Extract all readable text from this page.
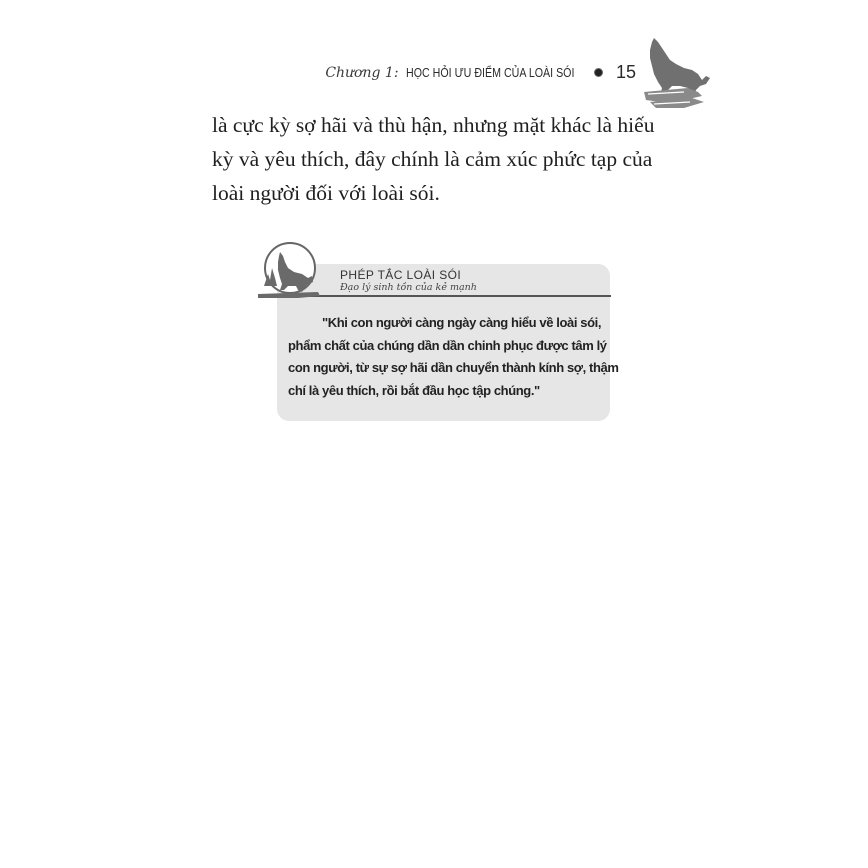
Chương 1: HỌC HỎI ƯU ĐIỂM CỦA LOÀI SÓI 15

là cực kỳ sợ hãi và thù hận, nhưng mặt khác là hiếu

kỳ và yêu thích, đây chính là cảm xúc phức tạp của

loài người đối với loài sói.

PHÉP TẮC LOÀI SÓI
Đạo lý sinh tồn của kẻ mạnh
"Khi con người càng ngày càng hiểu về loài sói,
phẩm chất của chúng dần dần chinh phục được tâm lý
con người, từ sự sợ hãi dần chuyển thành kính sợ, thậm
chí là yêu thích, rồi bắt đầu học tập chúng."
